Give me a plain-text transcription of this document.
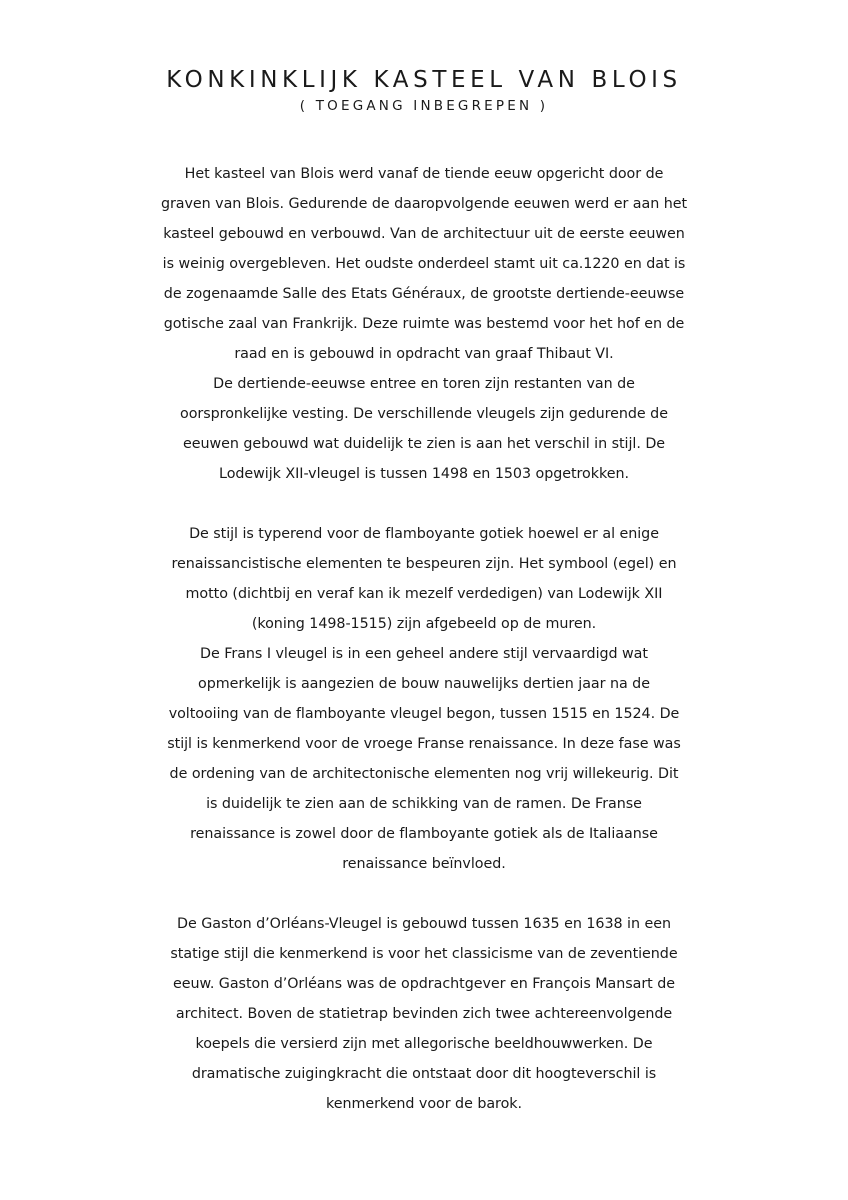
KONKINKLIJK KASTEEL VAN BLOIS

( TOEGANG INBEGREPEN )

Het kasteel van Blois werd vanaf de tiende eeuw opgericht door de
graven van Blois. Gedurende de daaropvolgende eeuwen werd er aan het
kasteel gebouwd en verbouwd. Van de architectuur uit de eerste eeuwen
is weinig overgebleven. Het oudste onderdeel stamt uit ca.1220 en dat is
de zogenaamde Salle des Etats Généraux, de grootste dertiende-eeuwse
gotische zaal van Frankrijk. Deze ruimte was bestemd voor het hof en de
raad en is gebouwd in opdracht van graaf Thibaut VI.
De dertiende-eeuwse entree en toren zijn restanten van de
oorspronkelijke vesting. De verschillende vleugels zijn gedurende de
eeuwen gebouwd wat duidelijk te zien is aan het verschil in stijl. De
Lodewijk XII-vleugel is tussen 1498 en 1503 opgetrokken.
De stijl is typerend voor de flamboyante gotiek hoewel er al enige
renaissancistische elementen te bespeuren zijn. Het symbool (egel) en
motto (dichtbij en veraf kan ik mezelf verdedigen) van Lodewijk XII
(koning 1498-1515) zijn afgebeeld op de muren.
De Frans I vleugel is in een geheel andere stijl vervaardigd wat
opmerkelijk is aangezien de bouw nauwelijks dertien jaar na de
voltooiing van de flamboyante vleugel begon, tussen 1515 en 1524. De
stijl is kenmerkend voor de vroege Franse renaissance. In deze fase was
de ordening van de architectonische elementen nog vrij willekeurig. Dit
is duidelijk te zien aan de schikking van de ramen. De Franse
renaissance is zowel door de flamboyante gotiek als de Italiaanse
renaissance beïnvloed.
De Gaston d’Orléans-Vleugel is gebouwd tussen 1635 en 1638 in een
statige stijl die kenmerkend is voor het classicisme van de zeventiende
eeuw. Gaston d’Orléans was de opdrachtgever en François Mansart de
architect. Boven de statietrap bevinden zich twee achtereenvolgende
koepels die versierd zijn met allegorische beeldhouwwerken. De
dramatische zuigingkracht die ontstaat door dit hoogteverschil is
kenmerkend voor de barok.
